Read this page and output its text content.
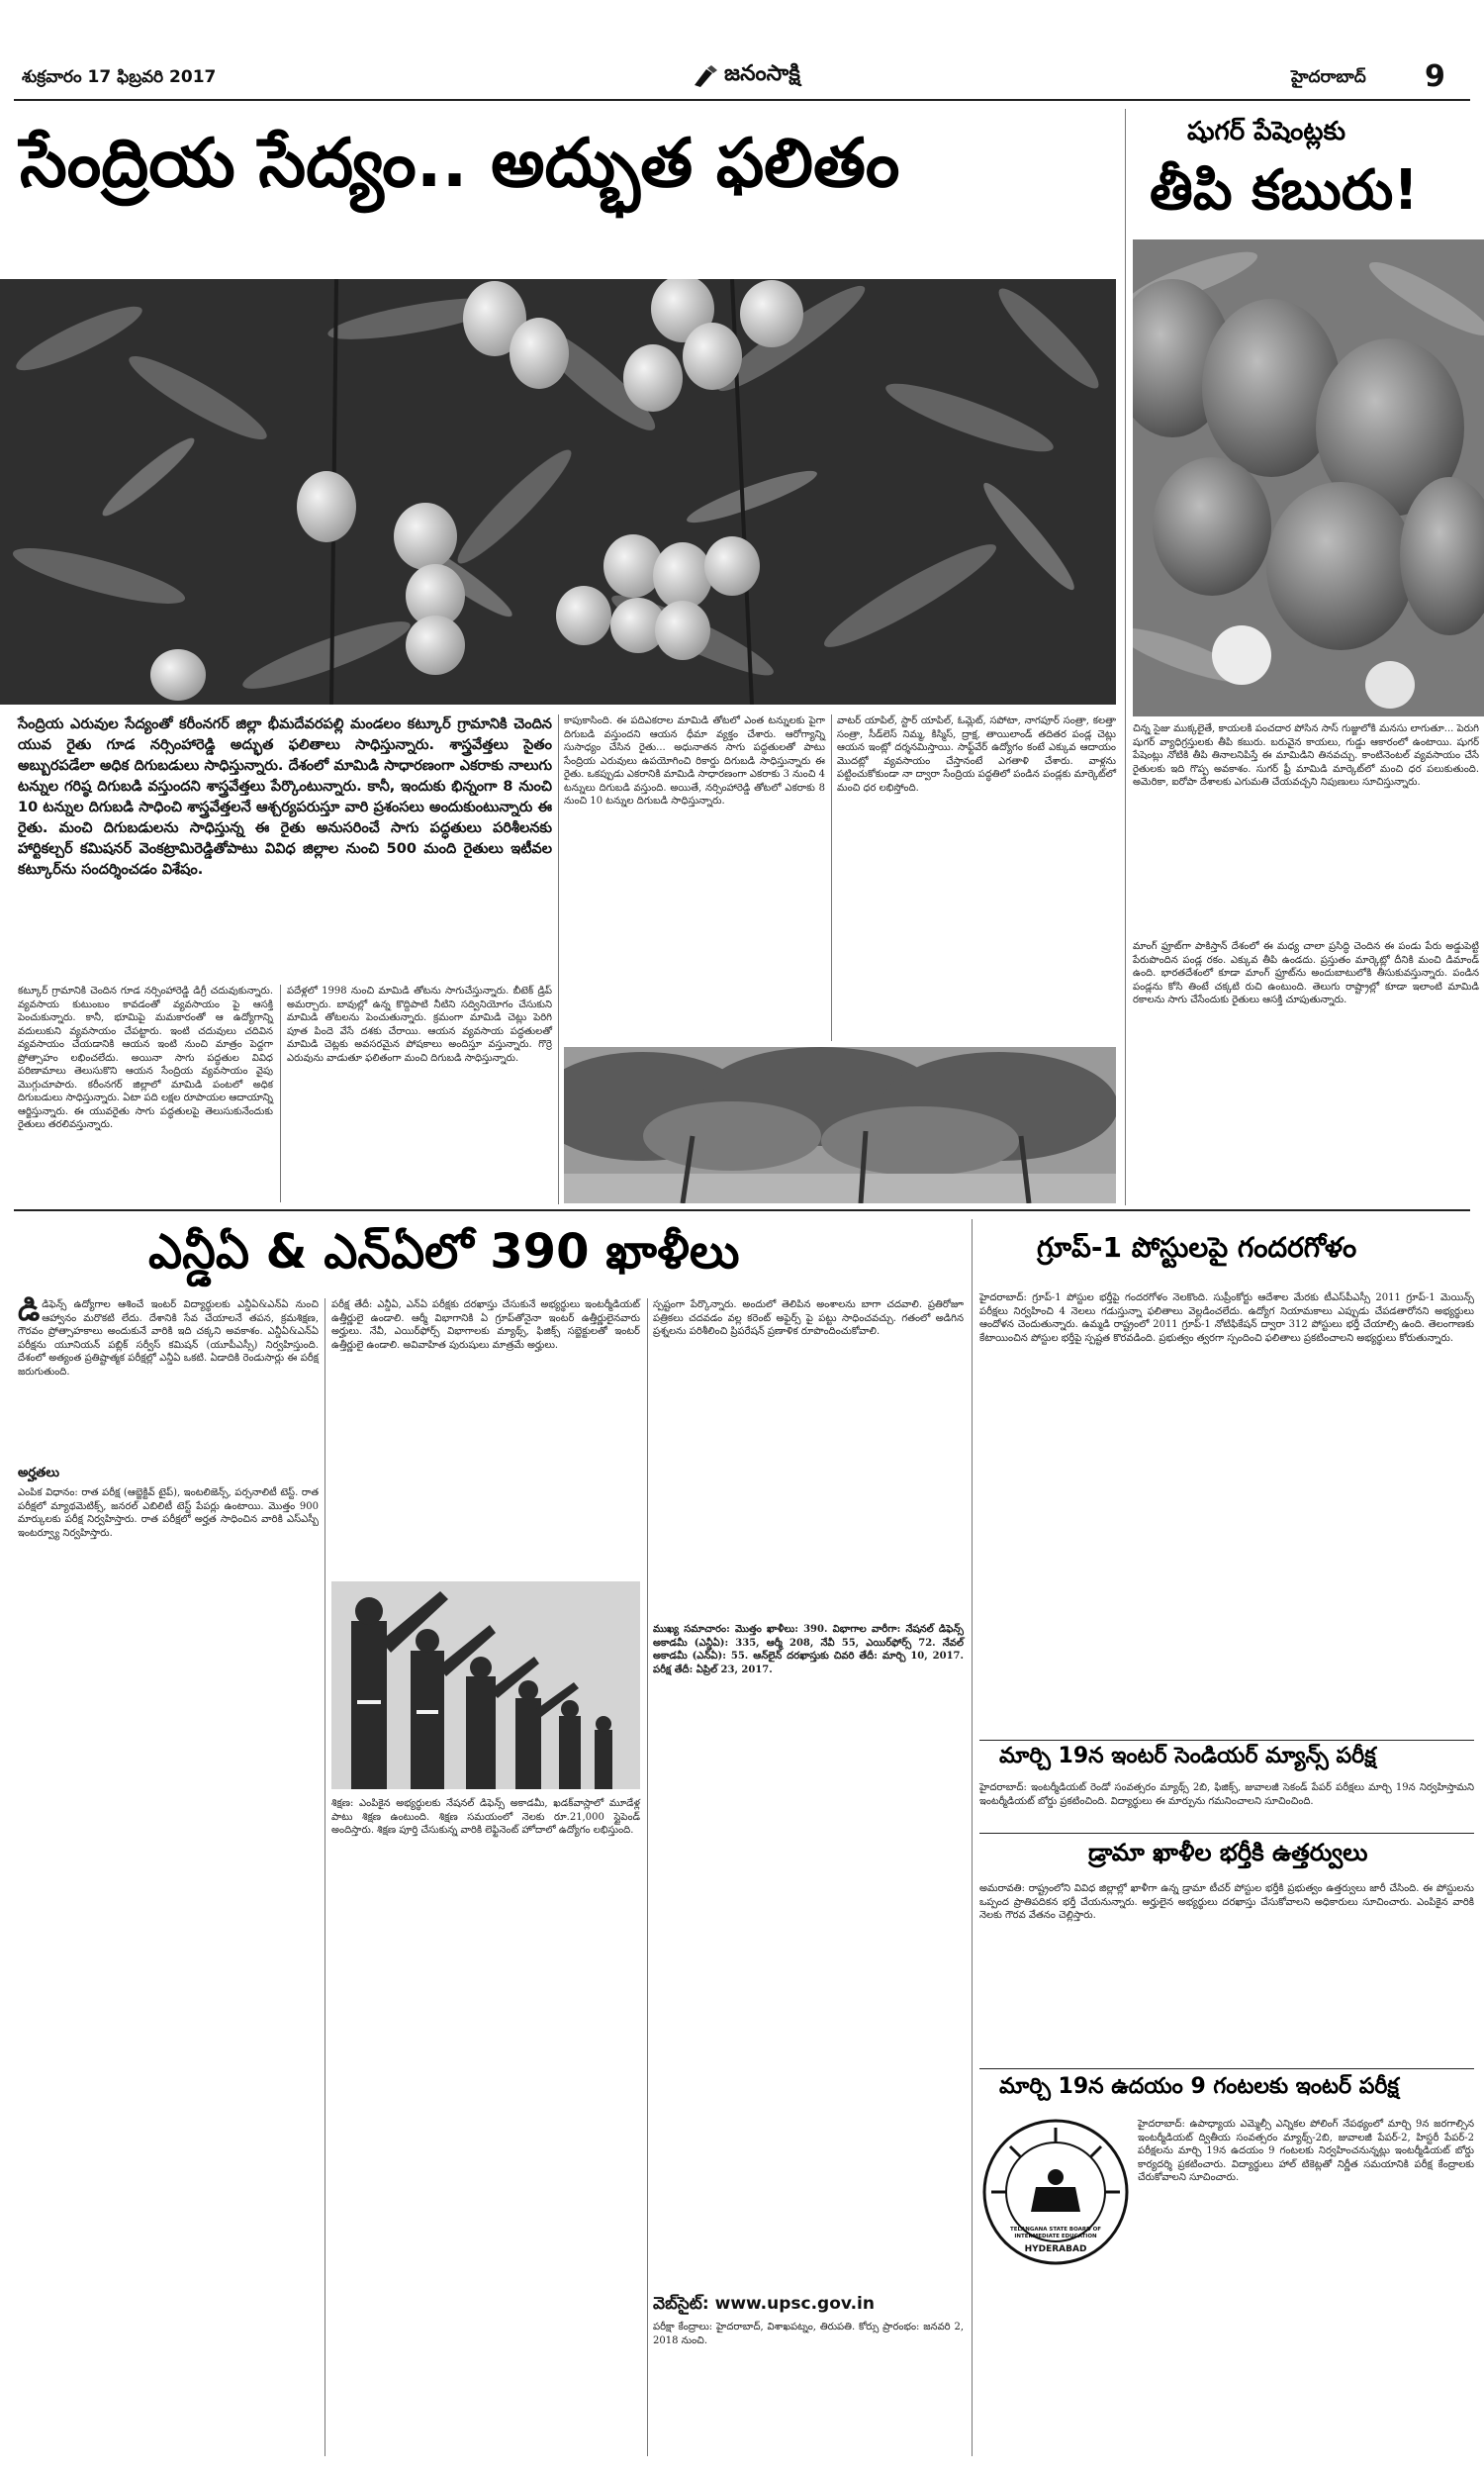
శుక్రవారం 17 ఫిబ్రవరి 2017	జనంసాక్షి	హైదరాబాద్ 9
సేంద్రియ సేద్యం.. అద్భుత ఫలితం	షుగర్ పేషెంట్లకు
తీపి కబురు!
సేంద్రియ ఎరువుల సేద్యంతో కరీంనగర్ జిల్లా భీమదేవరపల్లి మండలం కట్కూర్ గ్రామానికి చెందిన యువ రైతు గూడ నర్సింహారెడ్డి అద్భుత ఫలితాలు సాధిస్తున్నారు. శాస్త్రవేత్తలు సైతం అబ్బురపడేలా అధిక దిగుబడులు సాధిస్తున్నారు. దేశంలో మామిడి సాధారణంగా ఎకరాకు నాలుగు టన్నుల గరిష్ఠ దిగుబడి వస్తుందని శాస్త్రవేత్తలు పేర్కొంటున్నారు. కానీ, ఇందుకు భిన్నంగా 8 నుంచి 10 టన్నుల దిగుబడి సాధించి శాస్త్రవేత్తలనే ఆశ్చర్యపరుస్తూ వారి ప్రశంసలు అందుకుంటున్నారు ఈ రైతు. మంచి దిగుబడులను సాధిస్తున్న ఈ రైతు అనుసరించే సాగు పద్ధతులు పరిశీలనకు హార్టికల్చర్ కమిషనర్ వెంకట్రామిరెడ్డితోపాటు వివిధ జిల్లాల నుంచి 500 మంది రైతులు ఇటీవల కట్కూర్‌ను సందర్శించడం విశేషం.
కట్కూర్ గ్రామానికి చెందిన గూడ నర్సింహారెడ్డి డిగ్రీ చదువుకున్నారు. వ్యవసాయ కుటుంబం కావడంతో వ్యవసాయం పై ఆసక్తి పెంచుకున్నారు. కానీ, భూమిపై మమకారంతో ఆ ఉద్యోగాన్ని వదులుకుని వ్యవసాయం చేపట్టారు. ఇంటి చదువులు చదివిన వ్యవసాయం చేయడానికి ఆయన ఇంటి నుంచి మాత్రం పెద్దగా ప్రోత్సాహం లభించలేదు. అయినా సాగు పద్ధతుల వివిధ పరిణామాలు తెలుసుకొని ఆయన సేంద్రియ వ్యవసాయం వైపు మొగ్గుచూపారు. కరీంనగర్ జిల్లాలో మామిడి పంటలో అధిక దిగుబడులు సాధిస్తున్నారు. ఏటా పది లక్షల రూపాయల ఆదాయాన్ని ఆర్జిస్తున్నారు. ఈ యువరైతు సాగు పద్ధతులపై తెలుసుకునేందుకు రైతులు తరలివస్తున్నారు.
పదేళ్లలో 1998 నుంచి మామిడి తోటను సాగుచేస్తున్నారు. బీటెక్ డ్రిప్ అమర్చారు. బావుల్లో ఉన్న కొద్దిపాటి నీటిని సద్వినియోగం చేసుకుని మామిడి తోటలను పెంచుతున్నారు. క్రమంగా మామిడి చెట్లు పెరిగి పూత పిందె వేసే దశకు చేరాయి. ఆయన వ్యవసాయ పద్ధతులతో మామిడి చెట్లకు అవసరమైన పోషకాలు అందిస్తూ వస్తున్నారు. గొర్రె ఎరువును వాడుతూ ఫలితంగా మంచి దిగుబడి సాధిస్తున్నారు.
కాపుకాసింది. ఈ పదిఎకరాల మామిడి తోటలో ఎంత టన్నులకు పైగా దిగుబడి వస్తుందని ఆయన ధీమా వ్యక్తం చేశారు. ఆరోగ్యాన్ని సుసాధ్యం చేసిన రైతు... అధునాతన సాగు పద్ధతులతో పాటు సేంద్రియ ఎరువులు ఉపయోగించి రికార్డు దిగుబడి సాధిస్తున్నారు ఈ రైతు. ఒకప్పుడు ఎకరానికి మామిడి సాధారణంగా ఎకరాకు 3 నుంచి 4 టన్నులు దిగుబడి వస్తుంది. అయితే, నర్సింహారెడ్డి తోటలో ఎకరాకు 8 నుంచి 10 టన్నుల దిగుబడి సాధిస్తున్నారు.
వాటర్ యాపిల్, స్టార్ యాపిల్, ఓమ్లెట్, సపోటా, నాగపూర్ సంత్రా, కలత్తా సంత్రా, సీడ్‌లెస్ నిమ్మ, కిస్మిస్, ద్రాక్ష, తాయిలాండ్ తదితర పండ్ల చెట్లు ఆయన ఇంట్లో దర్శనమిస్తాయి. సాఫ్ట్‌వేర్ ఉద్యోగం కంటే ఎక్కువ ఆదాయం మొదట్లో వ్యవసాయం చేస్తానంటే ఎగతాళి చేశారు. వాళ్లను పట్టించుకోకుండా నా ద్వారా సేంద్రియ పద్ధతిలో పండిన పండ్లకు మార్కెట్‌లో మంచి ధర లభిస్తోంది.
చిన్న సైజు ముక్కలైతే, కాయలకి పంచదార పోసిన సాస్ గుజ్జులోకి మనసు లాగుతూ... పెరుగి షుగర్ వ్యాధిగ్రస్తులకు తీపి కబురు. బరువైన కాయలు, గుడ్డు ఆకారంలో ఉంటాయి. షుగర్ పేషెంట్లు నోటికి తీపి తినాలనిపిస్తే ఈ మామిడిని తినవచ్చు. కాంటినెంటల్ వ్యవసాయం చేసే రైతులకు ఇది గొప్ప అవకాశం. సుగర్ ఫ్రీ మామిడి మార్కెట్‌లో మంచి ధర పలుకుతుంది. అమెరికా, ఐరోపా దేశాలకు ఎగుమతి చేయవచ్చని నిపుణులు సూచిస్తున్నారు.
మాంగ్ ఫ్రూట్‌గా పాకిస్తాన్ దేశంలో ఈ మధ్య చాలా ప్రసిద్ధి చెందిన ఈ పండు పేరు అడ్డుపెట్టి పేరుపొందిన పండ్ల రకం. ఎక్కువ తీపి ఉండదు. ప్రస్తుతం మార్కెట్లో దీనికి మంచి డిమాండ్ ఉంది. భారతదేశంలో కూడా మాంగ్ ఫ్రూట్‌ను అందుబాటులోకి తీసుకువస్తున్నారు. పండిన పండ్లను కోసి తింటే చక్కటి రుచి ఉంటుంది. తెలుగు రాష్ట్రాల్లో కూడా ఇలాంటి మామిడి రకాలను సాగు చేసేందుకు రైతులు ఆసక్తి చూపుతున్నారు.
ఎన్డీఏ & ఎన్ఏలో 390 ఖాళీలు	గ్రూప్-1 పోస్టులపై గందరగోళం
డి డిఫెన్స్ ఉద్యోగాల ఆశించే ఇంటర్ విద్యార్థులకు ఎన్డీఏ&ఎన్ఏ నుంచి ఆహ్వానం మరొకటి లేదు. దేశానికి సేవ చేయాలనే తపన, క్రమశిక్షణ, గౌరవం ప్రోత్సాహకాలు అందుకునే వారికి ఇది చక్కని అవకాశం. ఎన్డీఏ&ఎన్ఏ పరీక్షను యూనియన్ పబ్లిక్ సర్వీస్ కమిషన్ (యూపీఎస్సీ) నిర్వహిస్తుంది. దేశంలో అత్యంత ప్రతిష్టాత్మక పరీక్షల్లో ఎన్డీఏ ఒకటి. ఏడాదికి రెండుసార్లు ఈ పరీక్ష జరుగుతుంది.
అర్హతలు
ఎంపిక విధానం: రాత పరీక్ష (ఆబ్జెక్టివ్ టైప్), ఇంటలిజెన్స్, పర్సనాలిటీ టెస్ట్. రాత పరీక్షలో మ్యాథమెటిక్స్, జనరల్ ఎబిలిటీ టెస్ట్ పేపర్లు ఉంటాయి. మొత్తం 900 మార్కులకు పరీక్ష నిర్వహిస్తారు. రాత పరీక్షలో అర్హత సాధించిన వారికి ఎస్ఎస్బీ ఇంటర్వ్యూ నిర్వహిస్తారు.
పరీక్ష తేదీ: ఎన్డీఏ, ఎన్ఏ పరీక్షకు దరఖాస్తు చేసుకునే అభ్యర్థులు ఇంటర్మీడియట్ ఉత్తీర్ణులై ఉండాలి. ఆర్మీ విభాగానికి ఏ గ్రూప్‌తోనైనా ఇంటర్ ఉత్తీర్ణులైనవారు అర్హులు. నేవీ, ఎయిర్‌ఫోర్స్ విభాగాలకు మ్యాథ్స్, ఫిజిక్స్ సబ్జెక్టులతో ఇంటర్ ఉత్తీర్ణులై ఉండాలి. అవివాహిత పురుషులు మాత్రమే అర్హులు.
శిక్షణ: ఎంపికైన అభ్యర్థులకు నేషనల్ డిఫెన్స్ అకాడమీ, ఖడక్‌వాస్లాలో మూడేళ్ల పాటు శిక్షణ ఉంటుంది. శిక్షణ సమయంలో నెలకు రూ.21,000 స్టైపెండ్ అందిస్తారు. శిక్షణ పూర్తి చేసుకున్న వారికి లెఫ్టినెంట్ హోదాలో ఉద్యోగం లభిస్తుంది.
స్పష్టంగా పేర్కొన్నారు. అందులో తెలిపిన అంశాలను బాగా చదవాలి. ప్రతిరోజూ పత్రికలు చదవడం వల్ల కరెంట్ అఫైర్స్ పై పట్టు సాధించవచ్చు. గతంలో అడిగిన ప్రశ్నలను పరిశీలించి ప్రిపరేషన్ ప్రణాళిక రూపొందించుకోవాలి.
ముఖ్య సమాచారం: మొత్తం ఖాళీలు: 390. విభాగాల వారీగా: నేషనల్ డిఫెన్స్ అకాడమీ (ఎన్డీఏ): 335, ఆర్మీ 208, నేవీ 55, ఎయిర్‌ఫోర్స్ 72. నేవల్ అకాడమీ (ఎన్ఏ): 55. ఆన్‌లైన్ దరఖాస్తుకు చివరి తేదీ: మార్చి 10, 2017. పరీక్ష తేదీ: ఏప్రిల్ 23, 2017.
వెబ్‌సైట్: www.upsc.gov.in
పరీక్షా కేంద్రాలు: హైదరాబాద్, విశాఖపట్నం, తిరుపతి. కోర్సు ప్రారంభం: జనవరి 2, 2018 నుంచి.
హైదరాబాద్: గ్రూప్-1 పోస్టుల భర్తీపై గందరగోళం నెలకొంది. సుప్రీంకోర్టు ఆదేశాల మేరకు టీఎస్‌పీఎస్సీ 2011 గ్రూప్-1 మెయిన్స్ పరీక్షలు నిర్వహించి 4 నెలలు గడుస్తున్నా ఫలితాలు వెల్లడించలేదు. ఉద్యోగ నియామకాలు ఎప్పుడు చేపడతారోనని అభ్యర్థులు ఆందోళన చెందుతున్నారు. ఉమ్మడి రాష్ట్రంలో 2011 గ్రూప్-1 నోటిఫికేషన్ ద్వారా 312 పోస్టులు భర్తీ చేయాల్సి ఉంది. తెలంగాణకు కేటాయించిన పోస్టుల భర్తీపై స్పష్టత కొరవడింది. ప్రభుత్వం త్వరగా స్పందించి ఫలితాలు ప్రకటించాలని అభ్యర్థులు కోరుతున్నారు.
మార్చి 19న ఇంటర్ సెండియర్ మ్యాన్స్ పరీక్ష
హైదరాబాద్: ఇంటర్మీడియట్ రెండో సంవత్సరం మ్యాథ్స్ 2బి, ఫిజిక్స్, జువాలజీ సెకండ్ పేపర్ పరీక్షలు మార్చి 19న నిర్వహిస్తామని ఇంటర్మీడియట్ బోర్డు ప్రకటించింది. విద్యార్థులు ఈ మార్పును గమనించాలని సూచించింది.
డ్రామా ఖాళీల భర్తీకి ఉత్తర్వులు
అమరావతి: రాష్ట్రంలోని వివిధ జిల్లాల్లో ఖాళీగా ఉన్న డ్రామా టీచర్ పోస్టుల భర్తీకి ప్రభుత్వం ఉత్తర్వులు జారీ చేసింది. ఈ పోస్టులను ఒప్పంద ప్రాతిపదికన భర్తీ చేయనున్నారు. అర్హులైన అభ్యర్థులు దరఖాస్తు చేసుకోవాలని అధికారులు సూచించారు. ఎంపికైన వారికి నెలకు గౌరవ వేతనం చెల్లిస్తారు.
మార్చి 19న ఉదయం 9 గంటలకు ఇంటర్ పరీక్ష
TELANGANA STATE BOARD OF INTERMEDIATE EDUCATION
HYDERABAD
హైదరాబాద్: ఉపాధ్యాయ ఎమ్మెల్సీ ఎన్నికల పోలింగ్ నేపథ్యంలో మార్చి 9న జరగాల్సిన ఇంటర్మీడియట్ ద్వితీయ సంవత్సరం మ్యాథ్స్-2బి, జువాలజీ పేపర్-2, హిస్టరీ పేపర్-2 పరీక్షలను మార్చి 19న ఉదయం 9 గంటలకు నిర్వహించనున్నట్లు ఇంటర్మీడియట్ బోర్డు కార్యదర్శి ప్రకటించారు. విద్యార్థులు హాల్ టికెట్లతో నిర్ణీత సమయానికి పరీక్ష కేంద్రాలకు చేరుకోవాలని సూచించారు.
